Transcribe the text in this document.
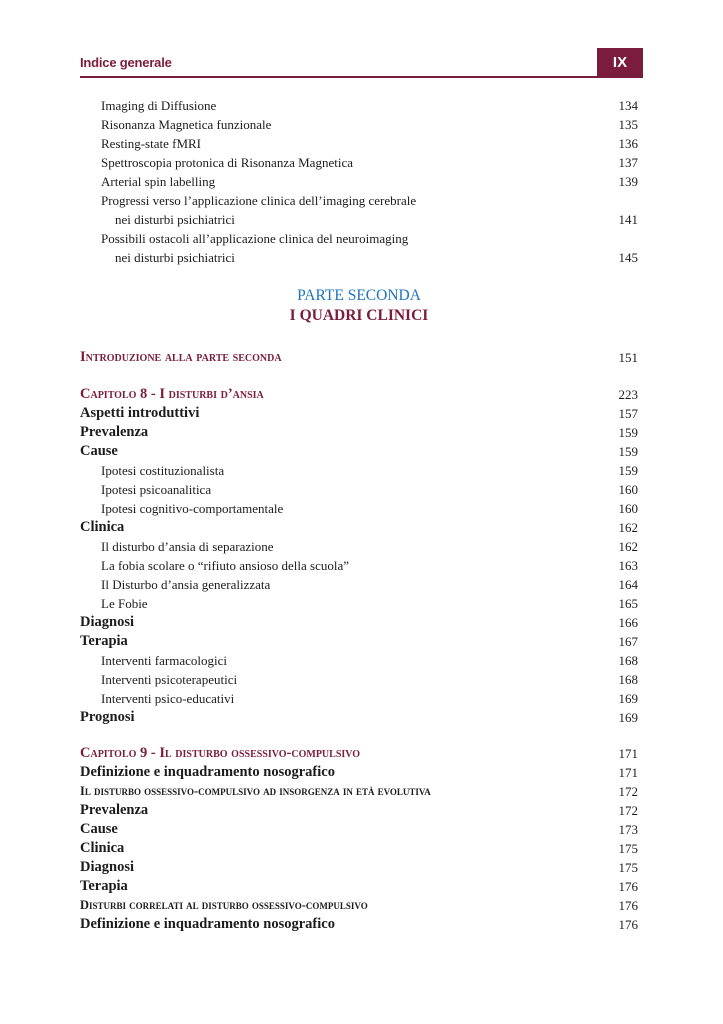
Indice generale	IX
Imaging di Diffusione	134
Risonanza Magnetica funzionale	135
Resting-state fMRI	136
Spettroscopia protonica di Risonanza Magnetica	137
Arterial spin labelling	139
Progressi verso l’applicazione clinica dell’imaging cerebrale
nei disturbi psichiatrici	141
Possibili ostacoli all’applicazione clinica del neuroimaging
nei disturbi psichiatrici	145
PARTE SECONDA
I QUADRI CLINICI
Introduzione alla parte seconda	151
Capitolo 8 - I disturbi d’ansia	223
Aspetti introduttivi	157
Prevalenza	159
Cause	159
Ipotesi costituzionalista	159
Ipotesi psicoanalitica	160
Ipotesi cognitivo-comportamentale	160
Clinica	162
Il disturbo d’ansia di separazione	162
La fobia scolare o “rifiuto ansioso della scuola”	163
Il Disturbo d’ansia generalizzata	164
Le Fobie	165
Diagnosi	166
Terapia	167
Interventi farmacologici	168
Interventi psicoterapeutici	168
Interventi psico-educativi	169
Prognosi	169
Capitolo 9 - Il disturbo ossessivo-compulsivo	171
Definizione e inquadramento nosografico	171
Il disturbo ossessivo-compulsivo ad insorgenza in età evolutiva	172
Prevalenza	172
Cause	173
Clinica	175
Diagnosi	175
Terapia	176
Disturbi correlati al disturbo ossessivo-compulsivo	176
Definizione e inquadramento nosografico	176
